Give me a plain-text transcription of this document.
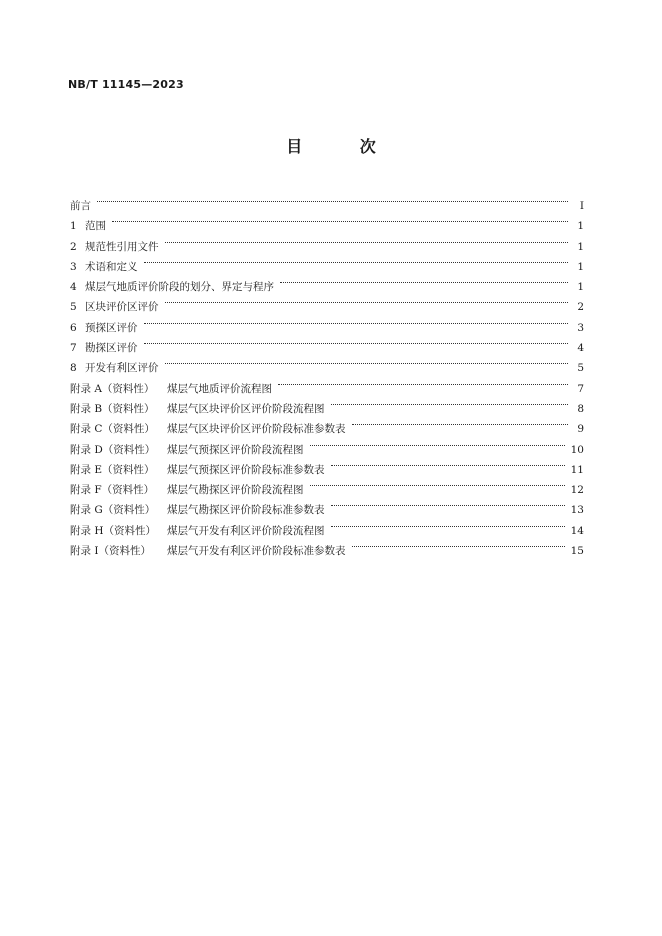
NB/T 11145—2023
目 次
前言	Ⅰ
1 范围	1
2 规范性引用文件	1
3 术语和定义	1
4 煤层气地质评价阶段的划分、界定与程序	1
5 区块评价区评价	2
6 预探区评价	3
7 勘探区评价	4
8 开发有利区评价	5
附录 A（资料性）	煤层气地质评价流程图	7
附录 B（资料性）	煤层气区块评价区评价阶段流程图	8
附录 C（资料性）	煤层气区块评价区评价阶段标准参数表	9
附录 D（资料性）	煤层气预探区评价阶段流程图	10
附录 E（资料性）	煤层气预探区评价阶段标准参数表	11
附录 F（资料性）	煤层气勘探区评价阶段流程图	12
附录 G（资料性）	煤层气勘探区评价阶段标准参数表	13
附录 H（资料性）	煤层气开发有利区评价阶段流程图	14
附录 I（资料性）	煤层气开发有利区评价阶段标准参数表	15
